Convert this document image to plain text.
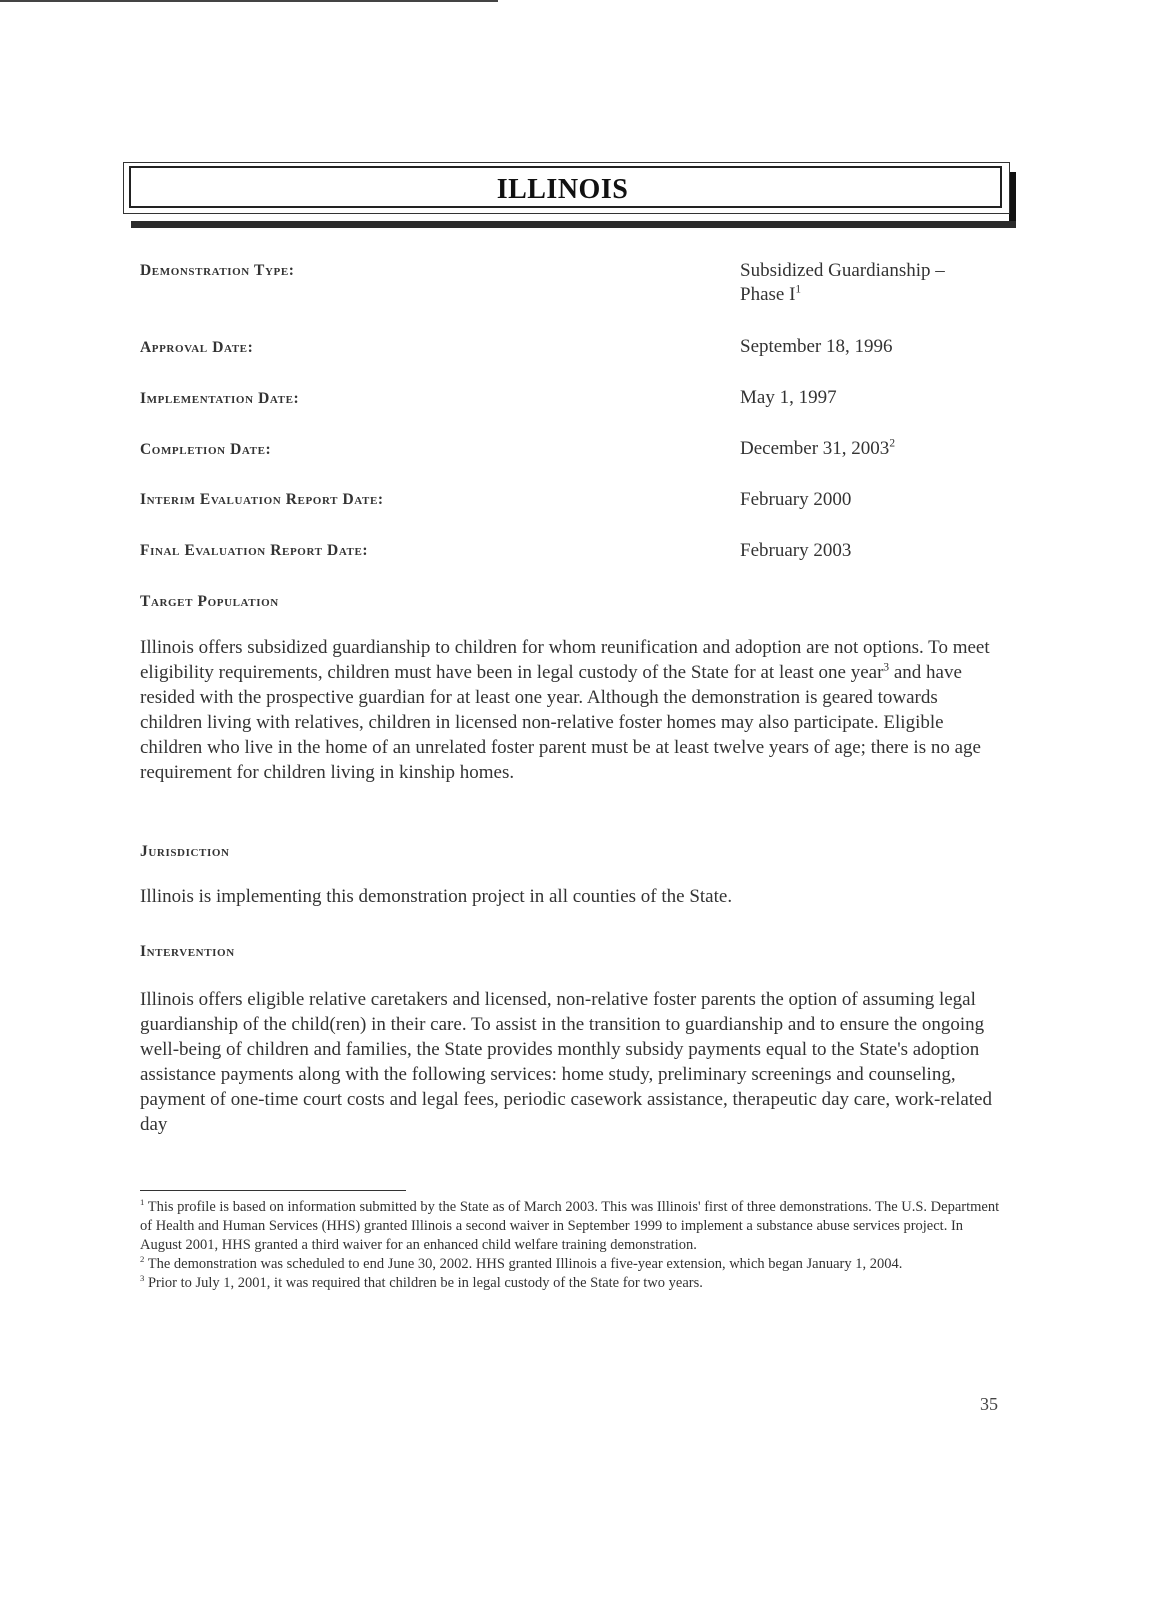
ILLINOIS
Demonstration Type:	Subsidized Guardianship –
Phase $I^1$
Approval Date:	September 18, 1996
Implementation Date:	May 1, 1997
Completion Date:	December 31, 2003$^2$
Interim Evaluation Report Date:	February 2000
Final Evaluation Report Date:	February 2003
Target Population
Illinois offers subsidized guardianship to children for whom reunification and adoption are not options. To meet eligibility requirements, children must have been in legal custody of the State for at least one year$^3$ and have resided with the prospective guardian for at least one year. Although the demonstration is geared towards children living with relatives, children in licensed non-relative foster homes may also participate. Eligible children who live in the home of an unrelated foster parent must be at least twelve years of age; there is no age requirement for children living in kinship homes.
Jurisdiction
Illinois is implementing this demonstration project in all counties of the State.
Intervention
Illinois offers eligible relative caretakers and licensed, non-relative foster parents the option of assuming legal guardianship of the child(ren) in their care. To assist in the transition to guardianship and to ensure the ongoing well-being of children and families, the State provides monthly subsidy payments equal to the State's adoption assistance payments along with the following services: home study, preliminary screenings and counseling, payment of one-time court costs and legal fees, periodic casework assistance, therapeutic day care, work-related day

$^1$ This profile is based on information submitted by the State as of March 2003. This was Illinois' first of three demonstrations. The U.S. Department of Health and Human Services (HHS) granted Illinois a second waiver in September 1999 to implement a substance abuse services project. In August 2001, HHS granted a third waiver for an enhanced child welfare training demonstration.

$^2$ The demonstration was scheduled to end June 30, 2002. HHS granted Illinois a five-year extension, which began January 1, 2004.

$^3$ Prior to July 1, 2001, it was required that children be in legal custody of the State for two years.

35
